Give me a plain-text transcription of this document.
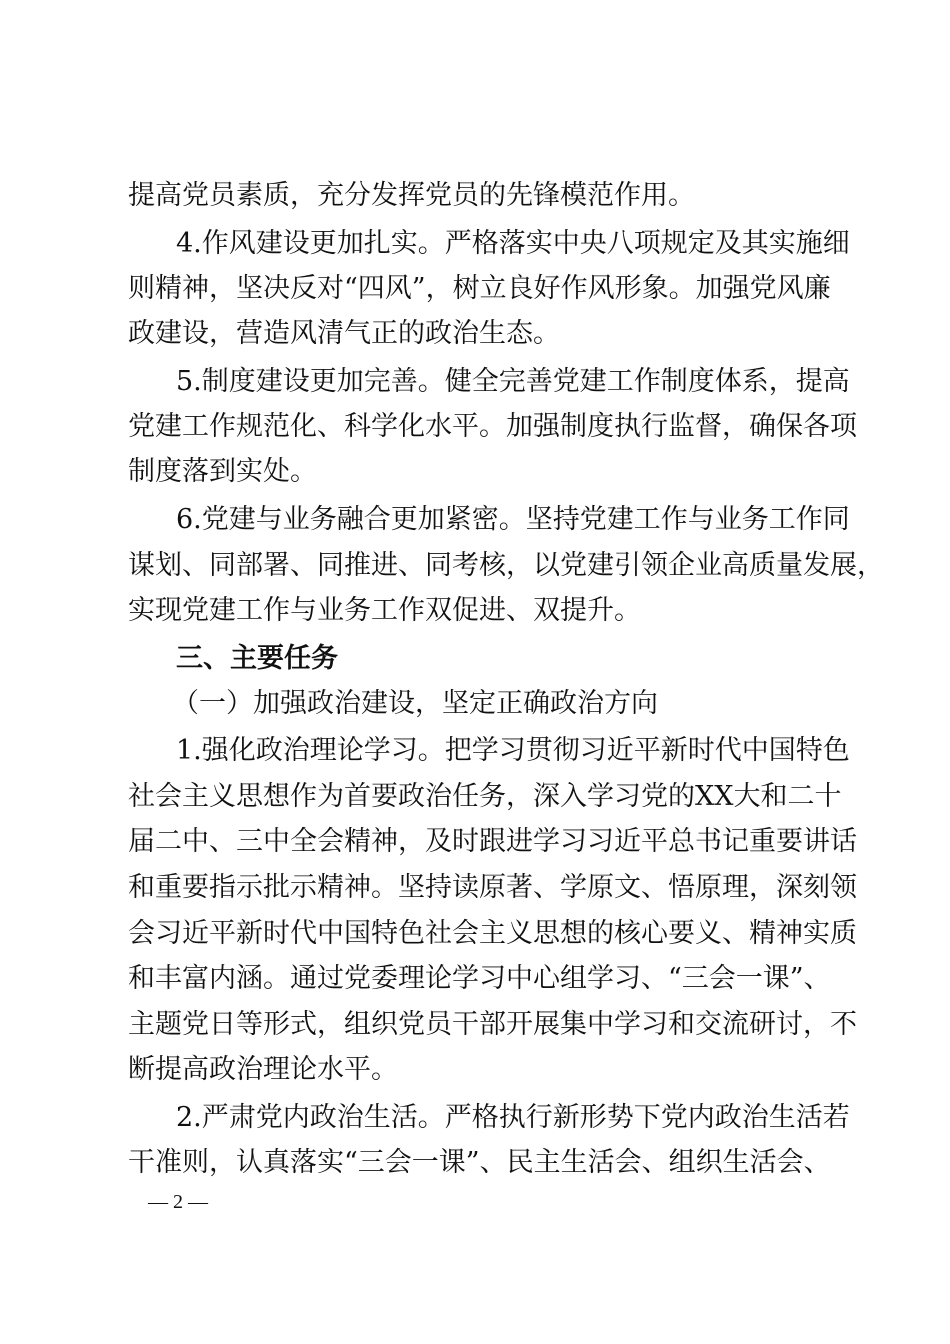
提高党员素质，充分发挥党员的先锋模范作用。
4.作风建设更加扎实。严格落实中央八项规定及其实施细
则精神，坚决反对“四风”，树立良好作风形象。加强党风廉
政建设，营造风清气正的政治生态。
5.制度建设更加完善。健全完善党建工作制度体系，提高
党建工作规范化、科学化水平。加强制度执行监督，确保各项
制度落到实处。
6.党建与业务融合更加紧密。坚持党建工作与业务工作同
谋划、同部署、同推进、同考核，以党建引领企业高质量发展，
实现党建工作与业务工作双促进、双提升。
三、主要任务
（一）加强政治建设，坚定正确政治方向
1.强化政治理论学习。把学习贯彻习近平新时代中国特色
社会主义思想作为首要政治任务，深入学习党的XX大和二十
届二中、三中全会精神，及时跟进学习习近平总书记重要讲话
和重要指示批示精神。坚持读原著、学原文、悟原理，深刻领
会习近平新时代中国特色社会主义思想的核心要义、精神实质
和丰富内涵。通过党委理论学习中心组学习、“三会一课”、
主题党日等形式，组织党员干部开展集中学习和交流研讨，不
断提高政治理论水平。
2.严肃党内政治生活。严格执行新形势下党内政治生活若
干准则，认真落实“三会一课”、民主生活会、组织生活会、
— 2 —
